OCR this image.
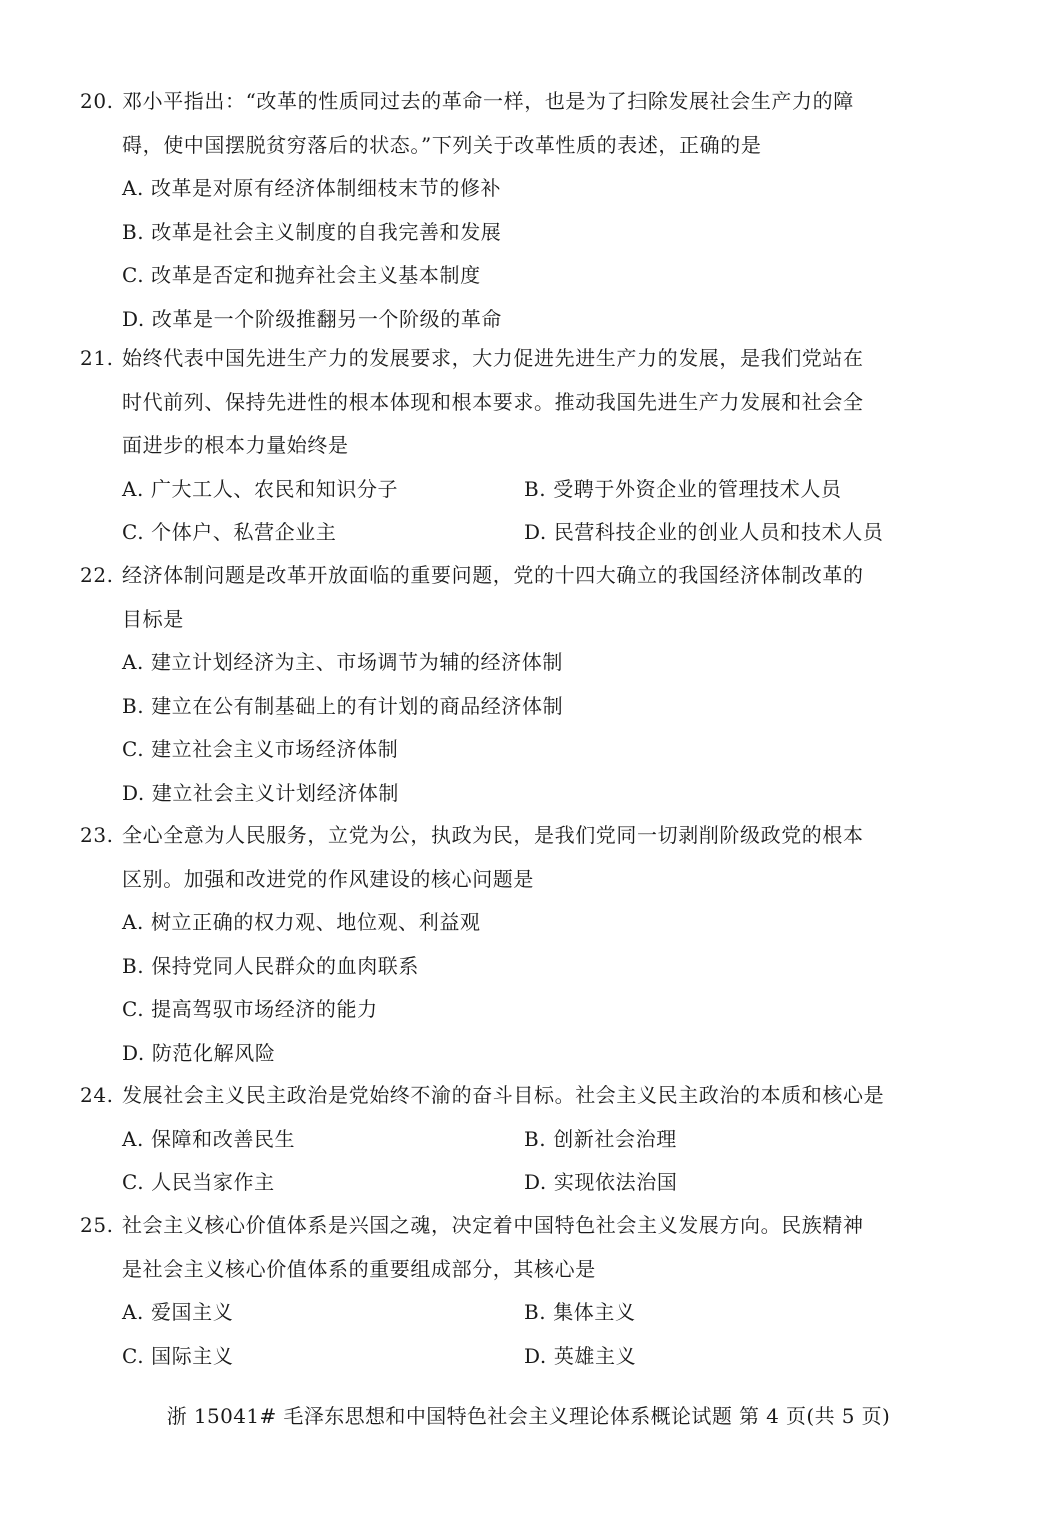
20. 邓小平指出：“改革的性质同过去的革命一样，也是为了扫除发展社会生产力的障
碍，使中国摆脱贫穷落后的状态。”下列关于改革性质的表述，正确的是
A. 改革是对原有经济体制细枝末节的修补
B. 改革是社会主义制度的自我完善和发展
C. 改革是否定和抛弃社会主义基本制度
D. 改革是一个阶级推翻另一个阶级的革命
21. 始终代表中国先进生产力的发展要求，大力促进先进生产力的发展，是我们党站在
时代前列、保持先进性的根本体现和根本要求。推动我国先进生产力发展和社会全
面进步的根本力量始终是
A. 广大工人、农民和知识分子	B. 受聘于外资企业的管理技术人员
C. 个体户、私营企业主	D. 民营科技企业的创业人员和技术人员
22. 经济体制问题是改革开放面临的重要问题，党的十四大确立的我国经济体制改革的
目标是
A. 建立计划经济为主、市场调节为辅的经济体制
B. 建立在公有制基础上的有计划的商品经济体制
C. 建立社会主义市场经济体制
D. 建立社会主义计划经济体制
23. 全心全意为人民服务，立党为公，执政为民，是我们党同一切剥削阶级政党的根本
区别。加强和改进党的作风建设的核心问题是
A. 树立正确的权力观、地位观、利益观
B. 保持党同人民群众的血肉联系
C. 提高驾驭市场经济的能力
D. 防范化解风险
24. 发展社会主义民主政治是党始终不渝的奋斗目标。社会主义民主政治的本质和核心是
A. 保障和改善民生	B. 创新社会治理
C. 人民当家作主	D. 实现依法治国
25. 社会主义核心价值体系是兴国之魂，决定着中国特色社会主义发展方向。民族精神
是社会主义核心价值体系的重要组成部分，其核心是
A. 爱国主义	B. 集体主义
C. 国际主义	D. 英雄主义
浙 15041# 毛泽东思想和中国特色社会主义理论体系概论试题 第 4 页(共 5 页)
